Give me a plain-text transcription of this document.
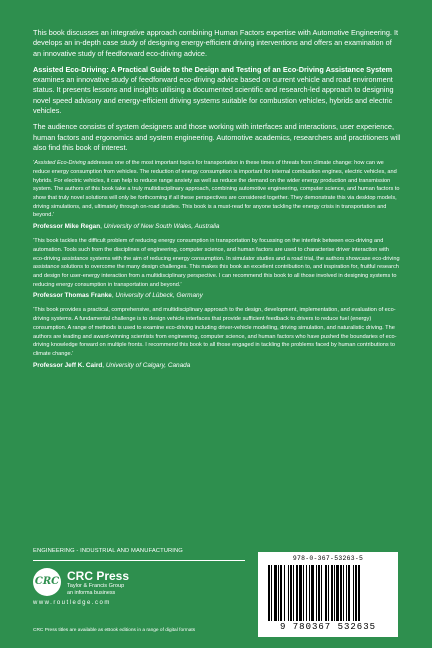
This book discusses an integrative approach combining Human Factors expertise with Automotive Engineering. It develops an in-depth case study of designing energy-efficient driving interventions and offers an examination of an innovative study of feedforward eco-driving advice.

Assisted Eco-Driving: A Practical Guide to the Design and Testing of an Eco-Driving Assistance System examines an innovative study of feedforward eco-driving advice based on current vehicle and road environment status. It presents lessons and insights utilising a documented scientific and research-led approach to designing novel speed advisory and energy-efficient driving systems suitable for combustion vehicles, hybrids and electric vehicles.

The audience consists of system designers and those working with interfaces and interactions, user experience, human factors and ergonomics and system engineering. Automotive academics, researchers and practitioners will also find this book of interest.

‘Assisted Eco-Driving addresses one of the most important topics for transportation in these times of threats from climate change: how can we reduce energy consumption from vehicles. The reduction of energy consumption is important for internal combustion engines, electric vehicles, and hybrids. For electric vehicles, it can help to reduce range anxiety as well as reduce the demand on the wider energy production and transmission system. The authors of this book take a truly multidisciplinary approach, combining automotive engineering, computer science, and human factors to show that truly novel solutions will only be forthcoming if all these perspectives are considered together. They demonstrate this via desktop models, driving simulations, and, ultimately through on-road studies. This book is a must-read for anyone tackling the energy crisis in transportation and beyond.’

Professor Mike Regan, University of New South Wales, Australia

‘This book tackles the difficult problem of reducing energy consumption in transportation by focussing on the interlink between eco-driving and automation. Tools such from the disciplines of engineering, computer science, and human factors are used to characterise driver interaction with eco-driving assistance systems with the aim of reducing energy consumption. In simulator studies and a road trial, the authors showcase eco-driving assistance solutions to overcome the many design challenges. This makes this book an excellent contribution to, and inspiration for, fruitful research and design for user-energy interaction from a multidisciplinary perspective. I can recommend this book to all those involved in designing systems to reducing energy consumption in transportation and beyond.’

Professor Thomas Franke, University of Lübeck, Germany

‘This book provides a practical, comprehensive, and multidisciplinary approach to the design, development, implementation, and evaluation of eco-driving systems. A fundamental challenge is to design vehicle interfaces that provide sufficient feedback to drivers to reduce fuel (energy) consumption. A range of methods is used to examine eco-driving including driver-vehicle modelling, driving simulation, and naturalistic driving. The authors are leading and award-winning scientists from engineering, computer science, and human factors who have pushed the boundaries of eco-driving knowledge forward on multiple fronts. I recommend this book to all those engaged in tackling the problems faced by human contributions to climate change.’

Professor Jeff K. Caird, University of Calgary, Canada

ENGINEERING - INDUSTRIAL AND MANUFACTURING
CRC CRC Press
Taylor & Francis Group
an informa business
www.routledge.com
CRC Press titles are available as eBook editions in a range of digital formats
978-0-367-53263-5
9 780367 532635
